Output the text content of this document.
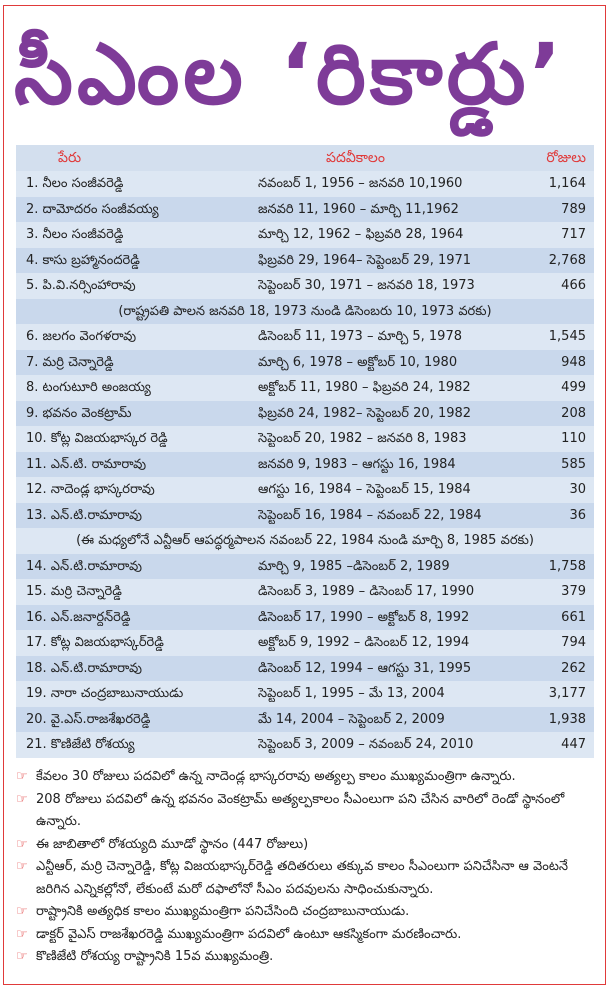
సీఎంల ‘రికార్డు’
పేరు	పదవీకాలం	రోజులు
1. నీలం సంజీవరెడ్డి	నవంబర్ 1, 1956 – జనవరి 10,1960	1,164
2. దామోదరం సంజీవయ్య	జనవరి 11, 1960 – మార్చి 11,1962	789
3. నీలం సంజీవరెడ్డి	మార్చి 12, 1962 – ఫిబ్రవరి 28, 1964	717
4. కాసు బ్రహ్మానందరెడ్డి	ఫిబ్రవరి 29, 1964– సెప్టెంబర్ 29, 1971	2,768
5. పి.వి.నర్సింహారావు	సెప్టెంబర్ 30, 1971 – జనవరి 18, 1973	466
(రాష్ట్రపతి పాలన జనవరి 18, 1973 నుండి డిసెంబరు 10, 1973 వరకు)
6. జలగం వెంగళరావు	డిసెంబర్ 11, 1973 – మార్చి 5, 1978	1,545
7. మర్రి చెన్నారెడ్డి	మార్చి 6, 1978 – అక్టోబర్ 10, 1980	948
8. టంగుటూరి అంజయ్య	అక్టోబర్ 11, 1980 – ఫిబ్రవరి 24, 1982	499
9. భవనం వెంకట్రామ్	ఫిబ్రవరి 24, 1982– సెప్టెంబర్ 20, 1982	208
10. కోట్ల విజయభాస్కర రెడ్డి	సెప్టెంబర్ 20, 1982 – జనవరి 8, 1983	110
11. ఎన్.టి. రామారావు	జనవరి 9, 1983 – ఆగస్టు 16, 1984	585
12. నాదెండ్ల భాస్కరరావు	ఆగస్టు 16, 1984 – సెప్టెంబర్ 15, 1984	30
13. ఎన్.టి.రామారావు	సెప్టెంబర్ 16, 1984 – నవంబర్ 22, 1984	36
(ఈ మధ్యలోనే ఎన్టీఆర్ ఆపద్ధర్మపాలన నవంబర్ 22, 1984 నుండి మార్చి 8, 1985 వరకు)
14. ఎన్.టి.రామారావు	మార్చి 9, 1985 –డిసెంబర్ 2, 1989	1,758
15. మర్రి చెన్నారెడ్డి	డిసెంబర్ 3, 1989 – డిసెంబర్ 17, 1990	379
16. ఎన్.జనార్దన్‌రెడ్డి	డిసెంబర్ 17, 1990 – అక్టోబర్ 8, 1992	661
17. కోట్ల విజయభాస్కర్‌రెడ్డి	అక్టోబర్ 9, 1992 – డిసెంబర్ 12, 1994	794
18. ఎన్.టి.రామారావు	డిసెంబర్ 12, 1994 – ఆగస్టు 31, 1995	262
19. నారా చంద్రబాబునాయుడు	సెప్టెంబర్ 1, 1995 – మే 13, 2004	3,177
20. వై.ఎస్.రాజశేఖరరెడ్డి	మే 14, 2004 – సెప్టెంబర్ 2, 2009	1,938
21. కొణిజేటి రోశయ్య	సెప్టెంబర్ 3, 2009 – నవంబర్ 24, 2010	447
☞ కేవలం 30 రోజులు పదవిలో ఉన్న నాదెండ్ల భాస్కరరావు అత్యల్ప కాలం ముఖ్యమంత్రిగా ఉన్నారు.
☞ 208 రోజులు పదవిలో ఉన్న భవనం వెంకట్రామ్ అత్యల్పకాలం సీఎంలుగా పని చేసిన వారిలో రెండో స్థానంలో ఉన్నారు.
☞ ఈ జాబితాలో రోశయ్యది మూడో స్థానం (447 రోజులు)
☞ ఎన్టీఆర్, మర్రి చెన్నారెడ్డి, కోట్ల విజయభాస్కర్‌రెడ్డి తదితరులు తక్కువ కాలం సీఎంలుగా పనిచేసినా ఆ వెంటనే జరిగిన ఎన్నికల్లోనో, లేకుంటే మరో దఫాలోనో సీఎం పదవులను సాధించుకున్నారు.
☞ రాష్ట్రానికి అత్యధిక కాలం ముఖ్యమంత్రిగా పనిచేసింది చంద్రబాబునాయుడు.
☞ డాక్టర్ వైఎస్ రాజశేఖరరెడ్డి ముఖ్యమంత్రిగా పదవిలో ఉంటూ ఆకస్మికంగా మరణించారు.
☞ కొణిజేటి రోశయ్య రాష్ట్రానికి 15వ ముఖ్యమంత్రి.
